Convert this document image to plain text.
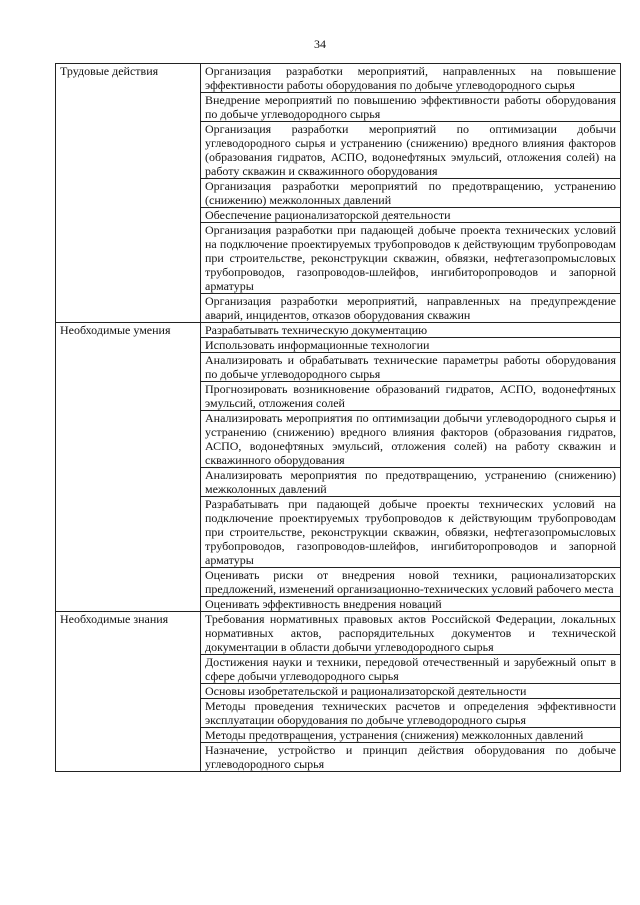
34
Трудовые действия	Организация разработки мероприятий, направленных на повышение эффективности работы оборудования по добыче углеводородного сырья
	Внедрение мероприятий по повышению эффективности работы оборудования по добыче углеводородного сырья
	Организация разработки мероприятий по оптимизации добычи углеводородного сырья и устранению (снижению) вредного влияния факторов (образования гидратов, АСПО, водонефтяных эмульсий, отложения солей) на работу скважин и скважинного оборудования
	Организация разработки мероприятий по предотвращению, устранению (снижению) межколонных давлений
	Обеспечение рационализаторской деятельности
	Организация разработки при падающей добыче проекта технических условий на подключение проектируемых трубопроводов к действующим трубопроводам при строительстве, реконструкции скважин, обвязки, нефтегазопромысловых трубопроводов, газопроводов-шлейфов, ингибиторопроводов и запорной арматуры
	Организация разработки мероприятий, направленных на предупреждение аварий, инцидентов, отказов оборудования скважин
Необходимые умения	Разрабатывать техническую документацию
	Использовать информационные технологии
	Анализировать и обрабатывать технические параметры работы оборудования по добыче углеводородного сырья
	Прогнозировать возникновение образований гидратов, АСПО, водонефтяных эмульсий, отложения солей
	Анализировать мероприятия по оптимизации добычи углеводородного сырья и устранению (снижению) вредного влияния факторов (образования гидратов, АСПО, водонефтяных эмульсий, отложения солей) на работу скважин и скважинного оборудования
	Анализировать мероприятия по предотвращению, устранению (снижению) межколонных давлений
	Разрабатывать при падающей добыче проекты технических условий на подключение проектируемых трубопроводов к действующим трубопроводам при строительстве, реконструкции скважин, обвязки, нефтегазопромысловых трубопроводов, газопроводов-шлейфов, ингибиторопроводов и запорной арматуры
	Оценивать риски от внедрения новой техники, рационализаторских предложений, изменений организационно-технических условий рабочего места
	Оценивать эффективность внедрения новаций
Необходимые знания	Требования нормативных правовых актов Российской Федерации, локальных нормативных актов, распорядительных документов и технической документации в области добычи углеводородного сырья
	Достижения науки и техники, передовой отечественный и зарубежный опыт в сфере добычи углеводородного сырья
	Основы изобретательской и рационализаторской деятельности
	Методы проведения технических расчетов и определения эффективности эксплуатации оборудования по добыче углеводородного сырья
	Методы предотвращения, устранения (снижения) межколонных давлений
	Назначение, устройство и принцип действия оборудования по добыче углеводородного сырья
